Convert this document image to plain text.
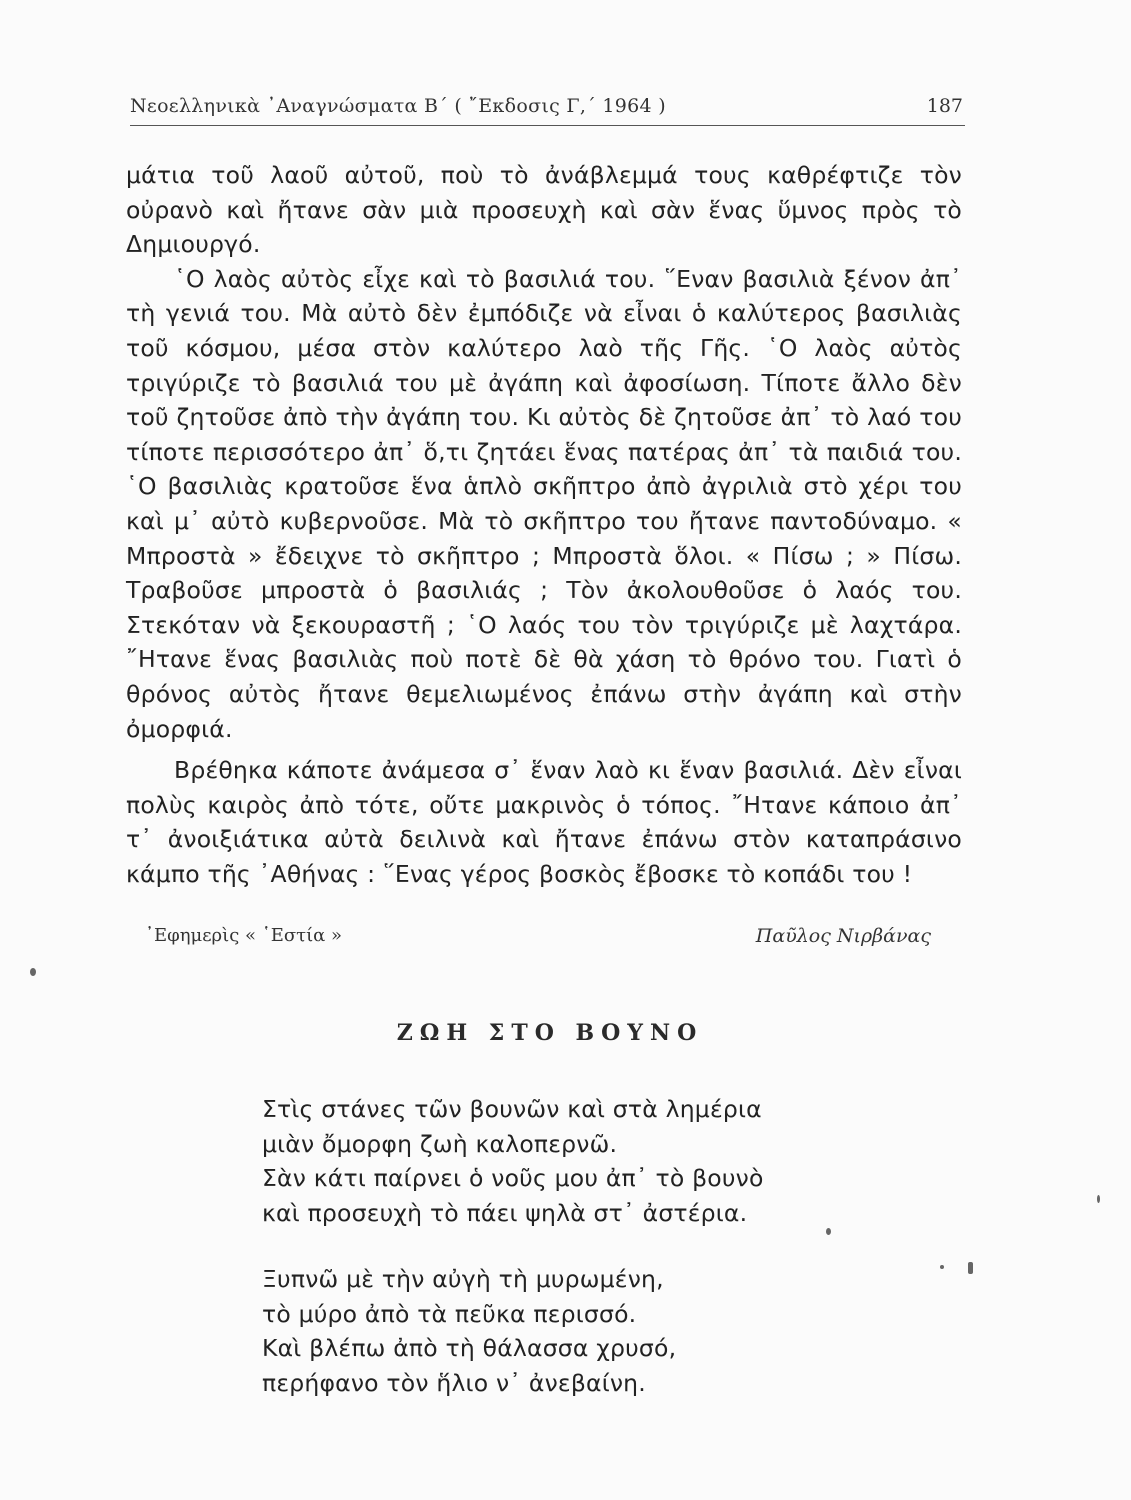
Νεοελληνικὰ ᾿Αναγνώσματα Β΄ ( ῎Εκδοσις Γ,΄ 1964 )	187

μάτια τοῦ λαοῦ αὐτοῦ, ποὺ τὸ ἀνάβλεμμά τους καθρέφτιζε τὸν οὐρανὸ καὶ ἤτανε σὰν μιὰ προσευχὴ καὶ σὰν ἕνας ὕμνος πρὸς τὸ Δημιουργό.

῾Ο λαὸς αὐτὸς εἶχε καὶ τὸ βασιλιά του. ῞Εναν βασιλιὰ ξένον ἀπ᾿ τὴ γενιά του. Μὰ αὐτὸ δὲν ἐμπόδιζε νὰ εἶναι ὁ καλύτερος βασιλιὰς τοῦ κόσμου, μέσα στὸν καλύτερο λαὸ τῆς Γῆς. ῾Ο λαὸς αὐτὸς τριγύριζε τὸ βασιλιά του μὲ ἀγάπη καὶ ἀφοσίωση. Τίποτε ἄλλο δὲν τοῦ ζητοῦσε ἀπὸ τὴν ἀγάπη του. Κι αὐτὸς δὲ ζητοῦσε ἀπ᾿ τὸ λαό του τίποτε περισσότερο ἀπ᾿ ὅ,τι ζητάει ἕνας πατέρας ἀπ᾿ τὰ παιδιά του. ῾Ο βασιλιὰς κρατοῦσε ἕνα ἁπλὸ σκῆπτρο ἀπὸ ἀγριλιὰ στὸ χέρι του καὶ μ᾿ αὐτὸ κυβερνοῦσε. Μὰ τὸ σκῆπτρο του ἤτανε παντοδύναμο. « Μπροστὰ » ἔδειχνε τὸ σκῆπτρο ; Μπροστὰ ὅλοι. « Πίσω ; » Πίσω. Τραβοῦσε μπροστὰ ὁ βασιλιάς ; Τὸν ἀκολουθοῦσε ὁ λαός του. Στεκόταν νὰ ξεκουραστῆ ; ῾Ο λαός του τὸν τριγύριζε μὲ λαχτάρα. ῎Ητανε ἕνας βασιλιὰς ποὺ ποτὲ δὲ θὰ χάση τὸ θρόνο του. Γιατὶ ὁ θρόνος αὐτὸς ἤτανε θεμελιωμένος ἐπάνω στὴν ἀγάπη καὶ στὴν ὀμορφιά.

Βρέθηκα κάποτε ἀνάμεσα σ᾿ ἕναν λαὸ κι ἕναν βασιλιά. Δὲν εἶναι πολὺς καιρὸς ἀπὸ τότε, οὔτε μακρινὸς ὁ τόπος. ῎Ητανε κάποιο ἀπ᾿ τ᾿ ἀνοιξιάτικα αὐτὰ δειλινὰ καὶ ἤτανε ἐπάνω στὸν καταπράσινο κάμπο τῆς ᾿Αθήνας : ῞Ενας γέρος βοσκὸς ἔβοσκε τὸ κοπάδι του !

᾿Εφημερὶς « ῾Εστία »	Παῦλος Νιρβάνας
ΖΩΗ ΣΤΟ ΒΟΥΝΟ
Στὶς στάνες τῶν βουνῶν καὶ στὰ λημέρια
μιὰν ὄμορφη ζωὴ καλοπερνῶ.
Σὰν κάτι παίρνει ὁ νοῦς μου ἀπ᾿ τὸ βουνὸ
καὶ προσευχὴ τὸ πάει ψηλὰ στ᾿ ἀστέρια.
Ξυπνῶ μὲ τὴν αὐγὴ τὴ μυρωμένη,
τὸ μύρο ἀπὸ τὰ πεῦκα περισσό.
Καὶ βλέπω ἀπὸ τὴ θάλασσα χρυσό,
περήφανο τὸν ἥλιο ν᾿ ἀνεβαίνη.
